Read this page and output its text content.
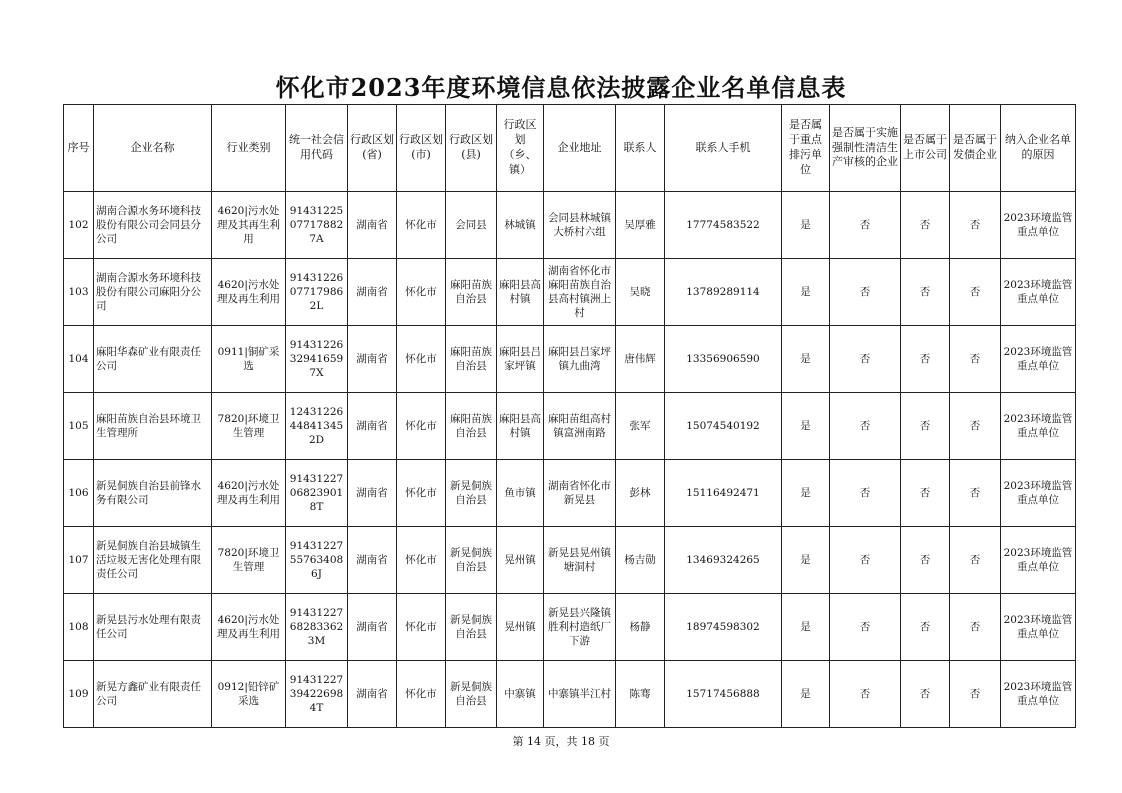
怀化市2023年度环境信息依法披露企业名单信息表
序号	企业名称	行业类别	统一社会信用代码	行政区划(省)	行政区划(市)	行政区划(县)	行政区划（乡、镇）	企业地址	联系人	联系人手机	是否属于重点排污单位	是否属于实施强制性清洁生产审核的企业	是否属于上市公司	是否属于发债企业	纳入企业名单的原因
102	湖南合源水务环境科技股份有限公司会同县分公司	4620|污水处理及其再生利用	91431225077178827A	湖南省	怀化市	会同县	林城镇	会同县林城镇大桥村六组	吴厚雅	17774583522	是	否	否	否	2023环境监管重点单位
103	湖南合源水务环境科技股份有限公司麻阳分公司	4620|污水处理及再生利用	91431226077179862L	湖南省	怀化市	麻阳苗族自治县	麻阳县高村镇	湖南省怀化市麻阳苗族自治县高村镇洲上村	吴晓	13789289114	是	否	否	否	2023环境监管重点单位
104	麻阳华森矿业有限责任公司	0911|铜矿采选	91431226329416597X	湖南省	怀化市	麻阳苗族自治县	麻阳县吕家坪镇	麻阳县吕家坪镇九曲湾	唐伟辉	13356906590	是	否	否	否	2023环境监管重点单位
105	麻阳苗族自治县环境卫生管理所	7820|环境卫生管理	12431226448413452D	湖南省	怀化市	麻阳苗族自治县	麻阳县高村镇	麻阳苗组高村镇富洲南路	张军	15074540192	是	否	否	否	2023环境监管重点单位
106	新晃侗族自治县前锋水务有限公司	4620|污水处理及再生利用	91431227068239018T	湖南省	怀化市	新晃侗族自治县	鱼市镇	湖南省怀化市新晃县	彭林	15116492471	是	否	否	否	2023环境监管重点单位
107	新晃侗族自治县城镇生活垃圾无害化处理有限责任公司	7820|环境卫生管理	91431227557634086J	湖南省	怀化市	新晃侗族自治县	晃州镇	新晃县晃州镇塘洞村	杨吉勋	13469324265	是	否	否	否	2023环境监管重点单位
108	新晃县污水处理有限责任公司	4620|污水处理及再生利用	91431227682833623M	湖南省	怀化市	新晃侗族自治县	晃州镇	新晃县兴隆镇胜利村造纸厂下游	杨静	18974598302	是	否	否	否	2023环境监管重点单位
109	新晃方鑫矿业有限责任公司	0912|铅锌矿采选	91431227394226984T	湖南省	怀化市	新晃侗族自治县	中寨镇	中寨镇半江村	陈骞	15717456888	是	否	否	否	2023环境监管重点单位
第 14 页，共 18 页
